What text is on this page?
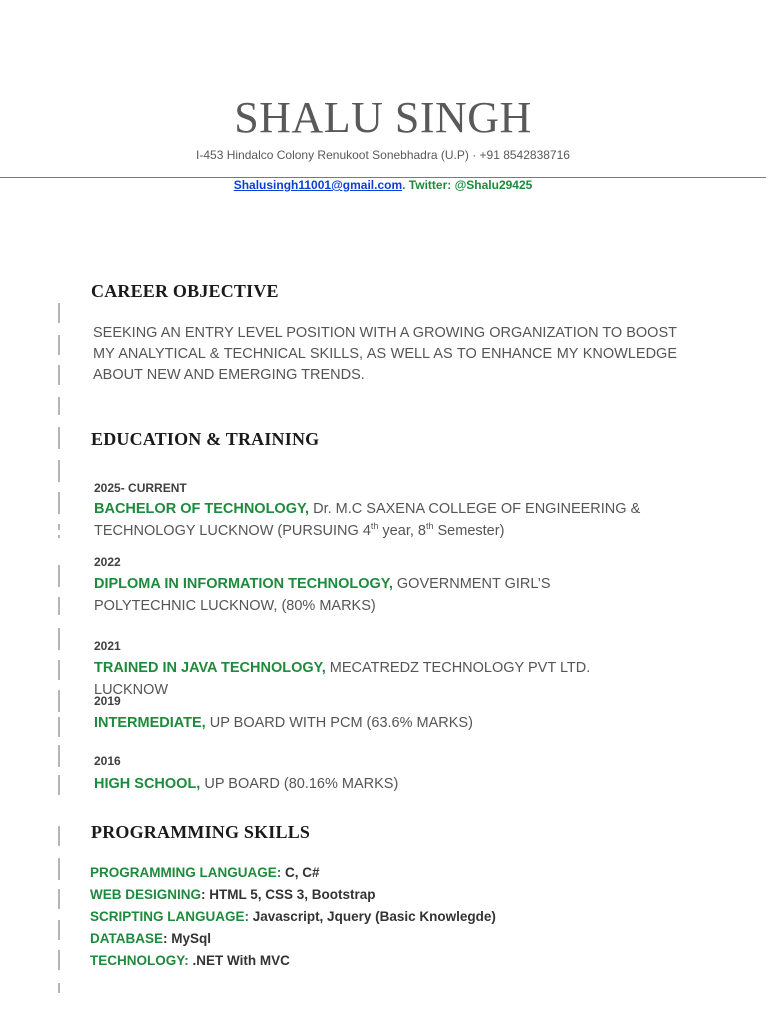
SHALU SINGH
I-453 Hindalco Colony Renukoot Sonebhadra (U.P) · +91 8542838716
Shalusingh11001@gmail.com. Twitter: @Shalu29425
CAREER OBJECTIVE
SEEKING AN ENTRY LEVEL POSITION WITH A GROWING ORGANIZATION TO BOOST MY ANALYTICAL & TECHNICAL SKILLS, AS WELL AS TO ENHANCE MY KNOWLEDGE ABOUT NEW AND EMERGING TRENDS.
EDUCATION & TRAINING
2025- CURRENT
BACHELOR OF TECHNOLOGY, Dr. M.C SAXENA COLLEGE OF ENGINEERING & TECHNOLOGY LUCKNOW (PURSUING 4th year, 8th Semester)
2022
DIPLOMA IN INFORMATION TECHNOLOGY, GOVERNMENT GIRL’S POLYTECHNIC LUCKNOW, (80% MARKS)
2021
TRAINED IN JAVA TECHNOLOGY, MECATREDZ TECHNOLOGY PVT LTD. LUCKNOW
2019
INTERMEDIATE, UP BOARD WITH PCM (63.6% MARKS)
2016
HIGH SCHOOL, UP BOARD (80.16% MARKS)
PROGRAMMING SKILLS
PROGRAMMING LANGUAGE: C, C#
WEB DESIGNING: HTML 5, CSS 3, Bootstrap
SCRIPTING LANGUAGE: Javascript, Jquery (Basic Knowlegde)
DATABASE: MySql
TECHNOLOGY: .NET With MVC
